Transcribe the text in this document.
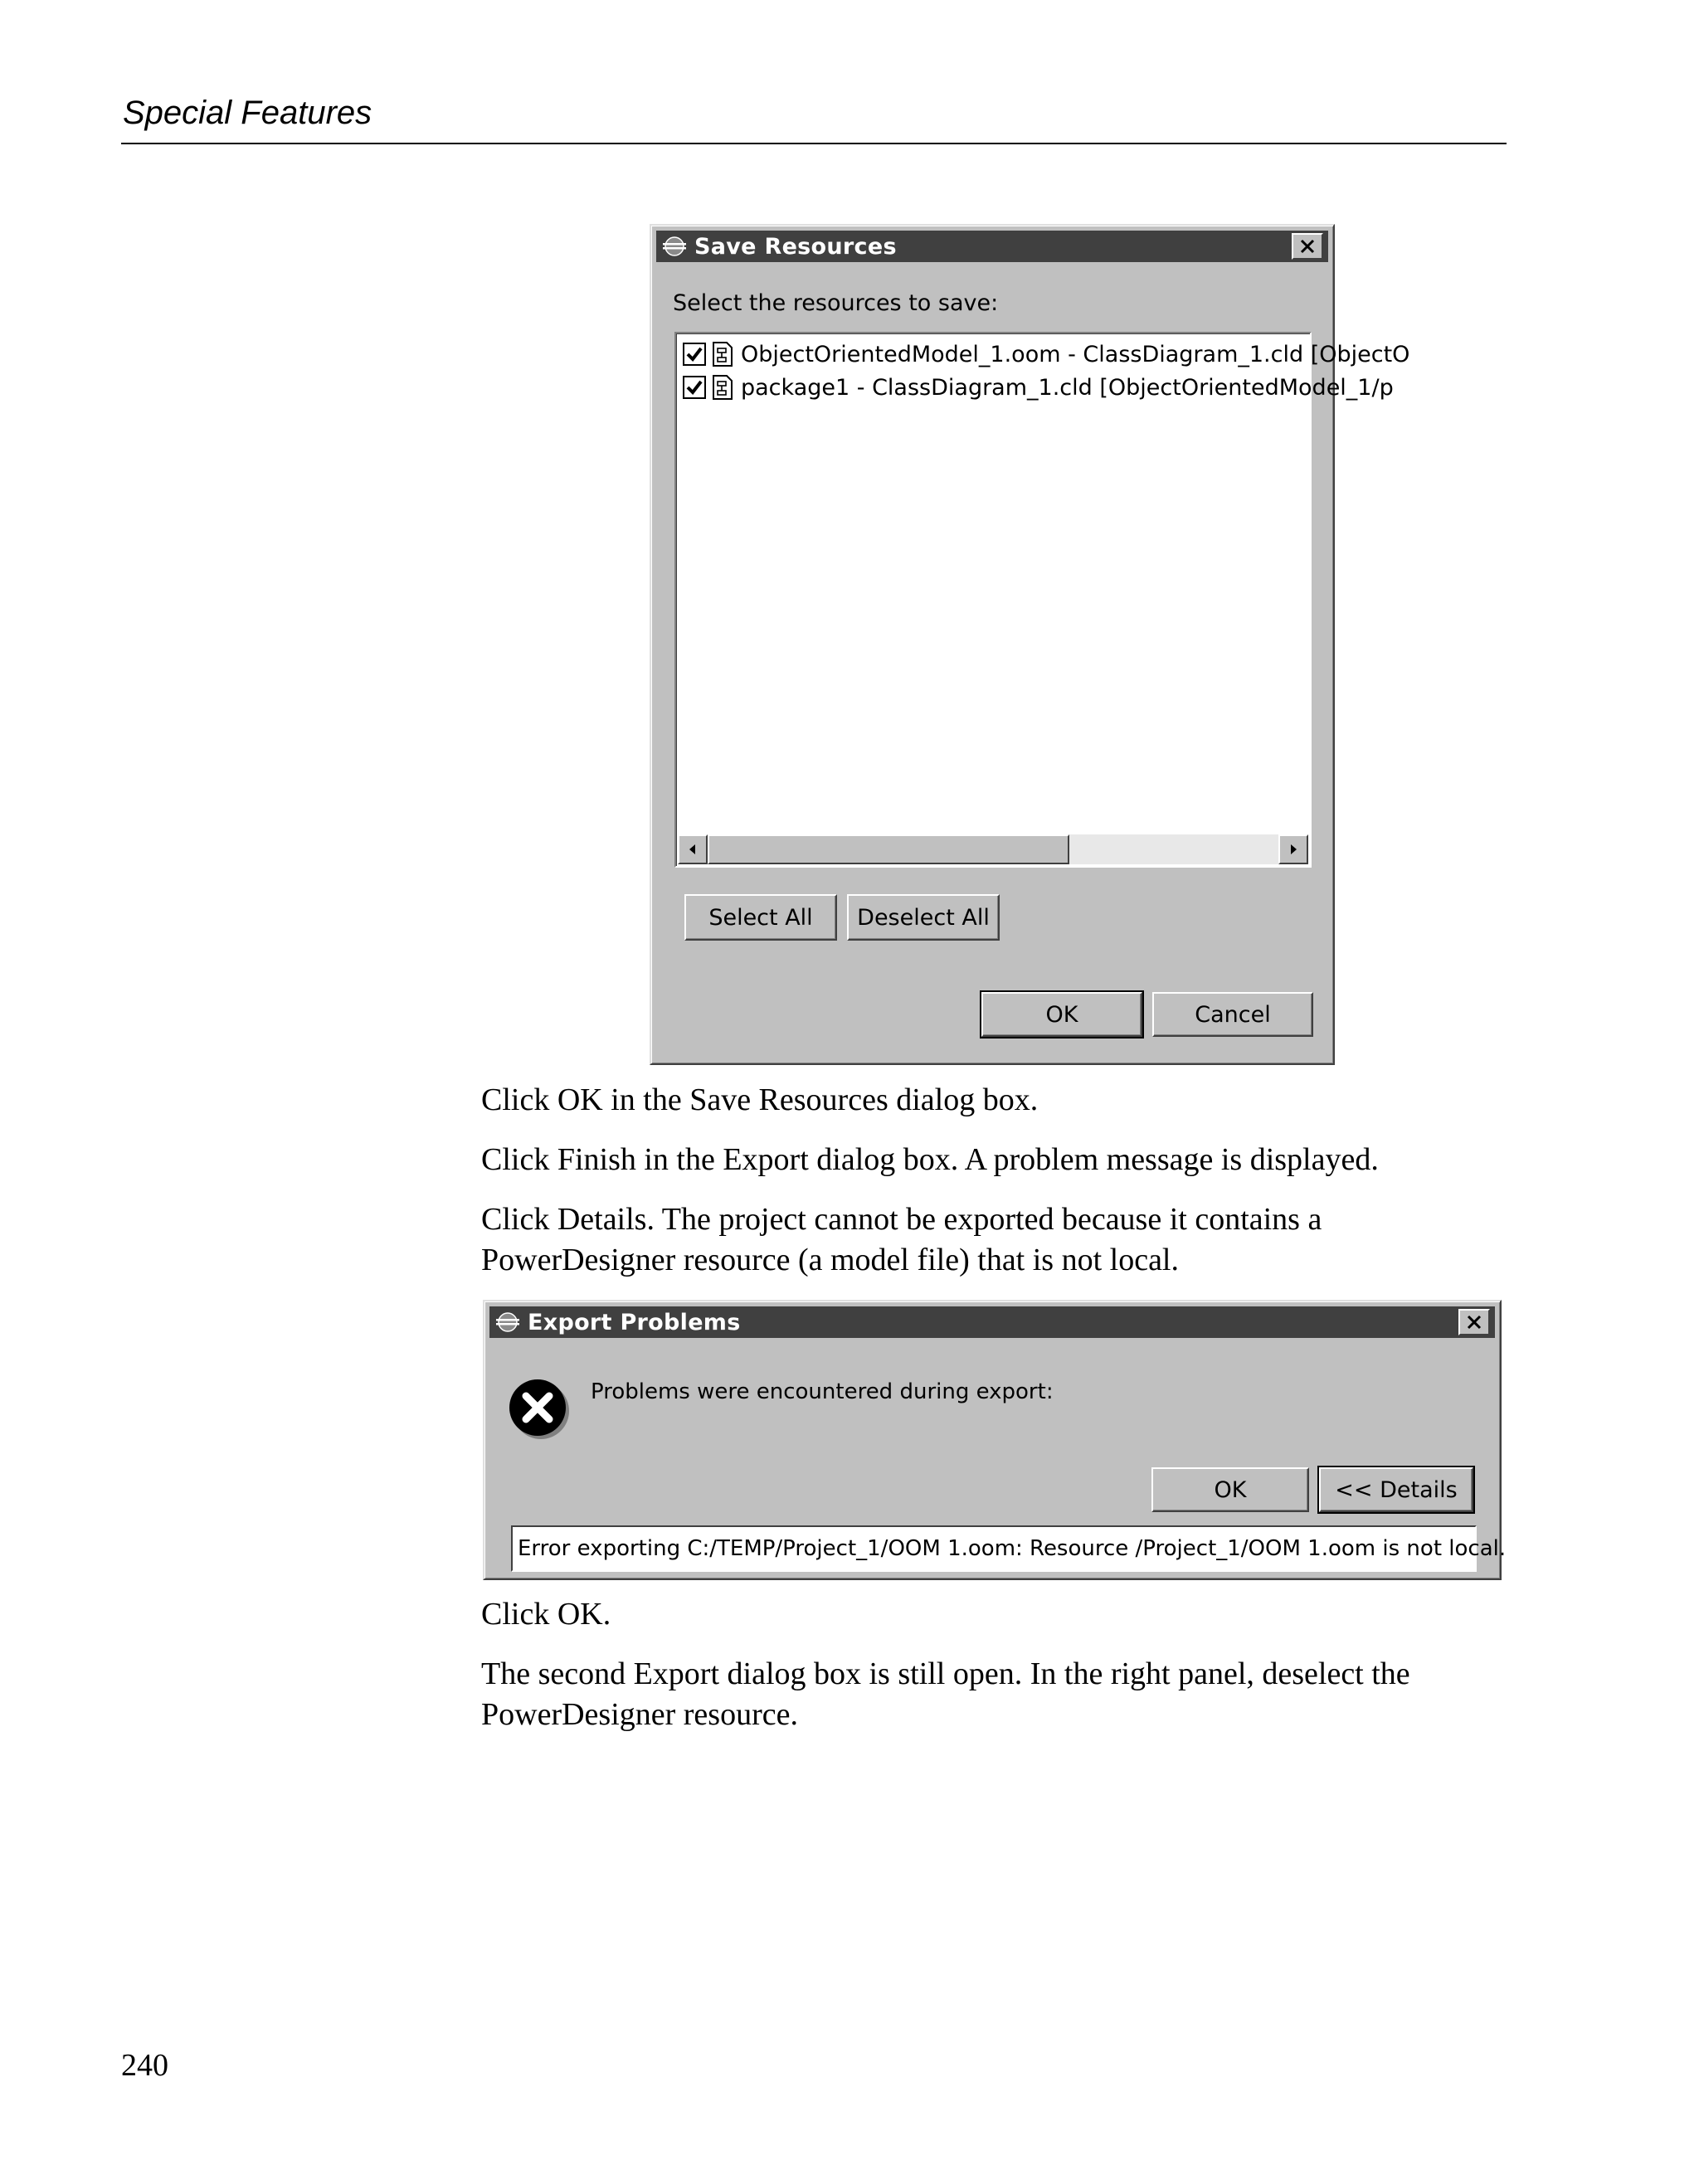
Special Features
Save Resources
Select the resources to save:
ObjectOrientedModel_1.oom - ClassDiagram_1.cld [ObjectO
package1 - ClassDiagram_1.cld [ObjectOrientedModel_1/p
Select All	Deselect All
OK	Cancel

Click OK in the Save Resources dialog box.

Click Finish in the Export dialog box. A problem message is displayed.

Click Details. The project cannot be exported because it contains a PowerDesigner resource (a model file) that is not local.

Export Problems
Problems were encountered during export:
OK	<< Details
Error exporting C:/TEMP/Project_1/OOM 1.oom: Resource /Project_1/OOM 1.oom is not local.

Click OK.

The second Export dialog box is still open. In the right panel, deselect the PowerDesigner resource.

240
